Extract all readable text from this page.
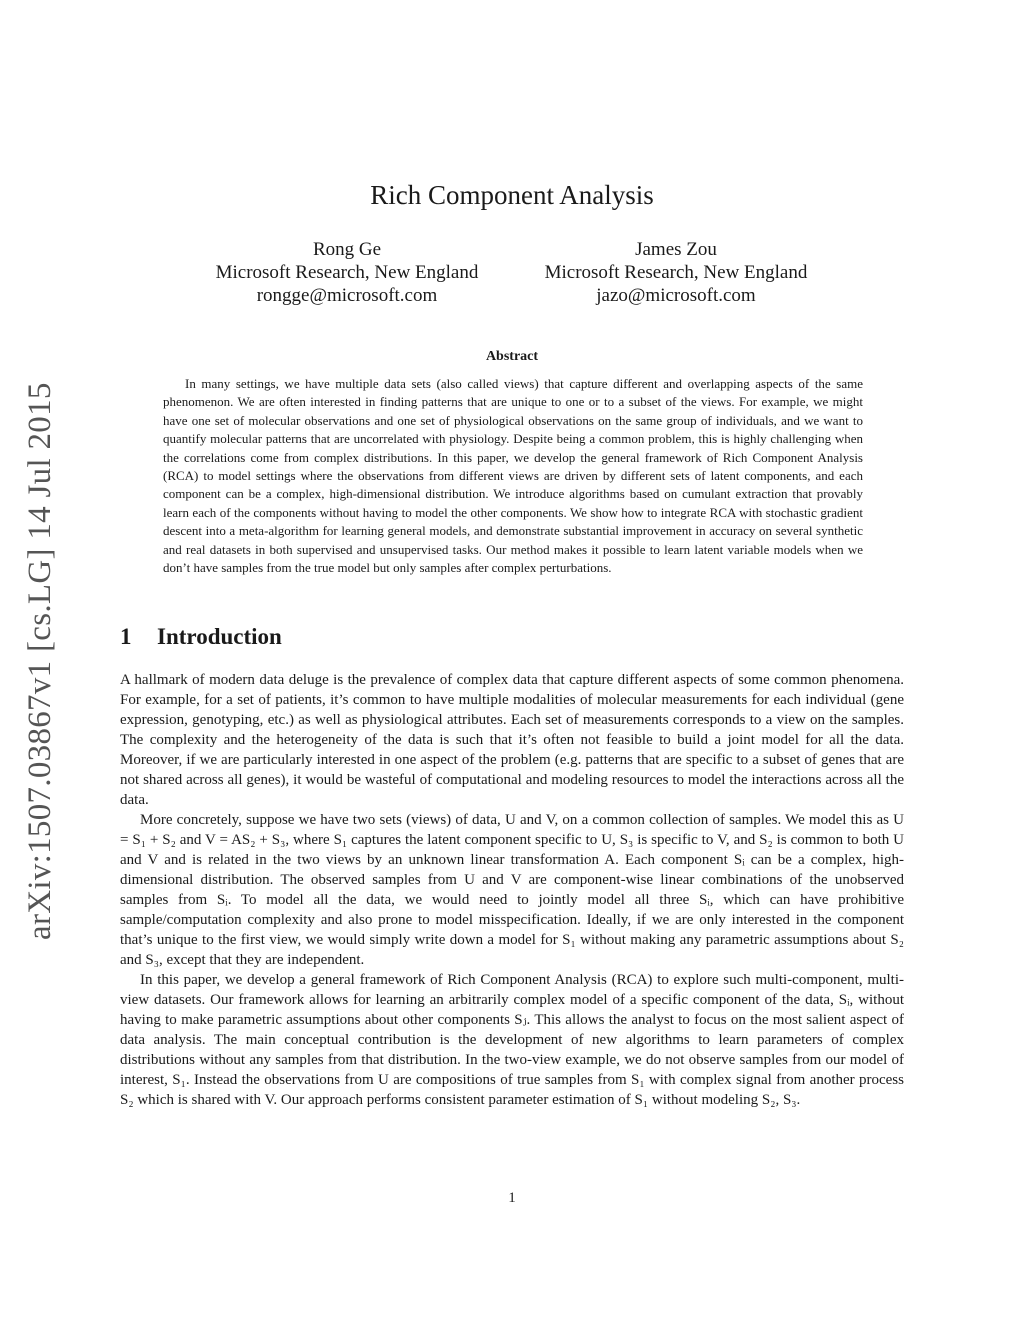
arXiv:1507.03867v1 [cs.LG] 14 Jul 2015
Rich Component Analysis
Rong Ge
Microsoft Research, New England
rongge@microsoft.com
James Zou
Microsoft Research, New England
jazo@microsoft.com
Abstract

In many settings, we have multiple data sets (also called views) that capture different and overlapping aspects of the same phenomenon. We are often interested in finding patterns that are unique to one or to a subset of the views. For example, we might have one set of molecular observations and one set of physiological observations on the same group of individuals, and we want to quantify molecular patterns that are uncorrelated with physiology. Despite being a common problem, this is highly challenging when the correlations come from complex distributions. In this paper, we develop the general framework of Rich Component Analysis (RCA) to model settings where the observations from different views are driven by different sets of latent components, and each component can be a complex, high-dimensional distribution. We introduce algorithms based on cumulant extraction that provably learn each of the components without having to model the other components. We show how to integrate RCA with stochastic gradient descent into a meta-algorithm for learning general models, and demonstrate substantial improvement in accuracy on several synthetic and real datasets in both supervised and unsupervised tasks. Our method makes it possible to learn latent variable models when we don’t have samples from the true model but only samples after complex perturbations.

1 Introduction

A hallmark of modern data deluge is the prevalence of complex data that capture different aspects of some common phenomena. For example, for a set of patients, it’s common to have multiple modalities of molecular measurements for each individual (gene expression, genotyping, etc.) as well as physiological attributes. Each set of measurements corresponds to a view on the samples. The complexity and the heterogeneity of the data is such that it’s often not feasible to build a joint model for all the data. Moreover, if we are particularly interested in one aspect of the problem (e.g. patterns that are specific to a subset of genes that are not shared across all genes), it would be wasteful of computational and modeling resources to model the interactions across all the data.

More concretely, suppose we have two sets (views) of data, U and V, on a common collection of samples. We model this as U = S₁ + S₂ and V = AS₂ + S₃, where S₁ captures the latent component specific to U, S₃ is specific to V, and S₂ is common to both U and V and is related in the two views by an unknown linear transformation A. Each component Sᵢ can be a complex, high-dimensional distribution. The observed samples from U and V are component-wise linear combinations of the unobserved samples from Sᵢ. To model all the data, we would need to jointly model all three Sᵢ, which can have prohibitive sample/computation complexity and also prone to model misspecification. Ideally, if we are only interested in the component that’s unique to the first view, we would simply write down a model for S₁ without making any parametric assumptions about S₂ and S₃, except that they are independent.

In this paper, we develop a general framework of Rich Component Analysis (RCA) to explore such multi-component, multi-view datasets. Our framework allows for learning an arbitrarily complex model of a specific component of the data, Sᵢ, without having to make parametric assumptions about other components Sⱼ. This allows the analyst to focus on the most salient aspect of data analysis. The main conceptual contribution is the development of new algorithms to learn parameters of complex distributions without any samples from that distribution. In the two-view example, we do not observe samples from our model of interest, S₁. Instead the observations from U are compositions of true samples from S₁ with complex signal from another process S₂ which is shared with V. Our approach performs consistent parameter estimation of S₁ without modeling S₂, S₃.

1
